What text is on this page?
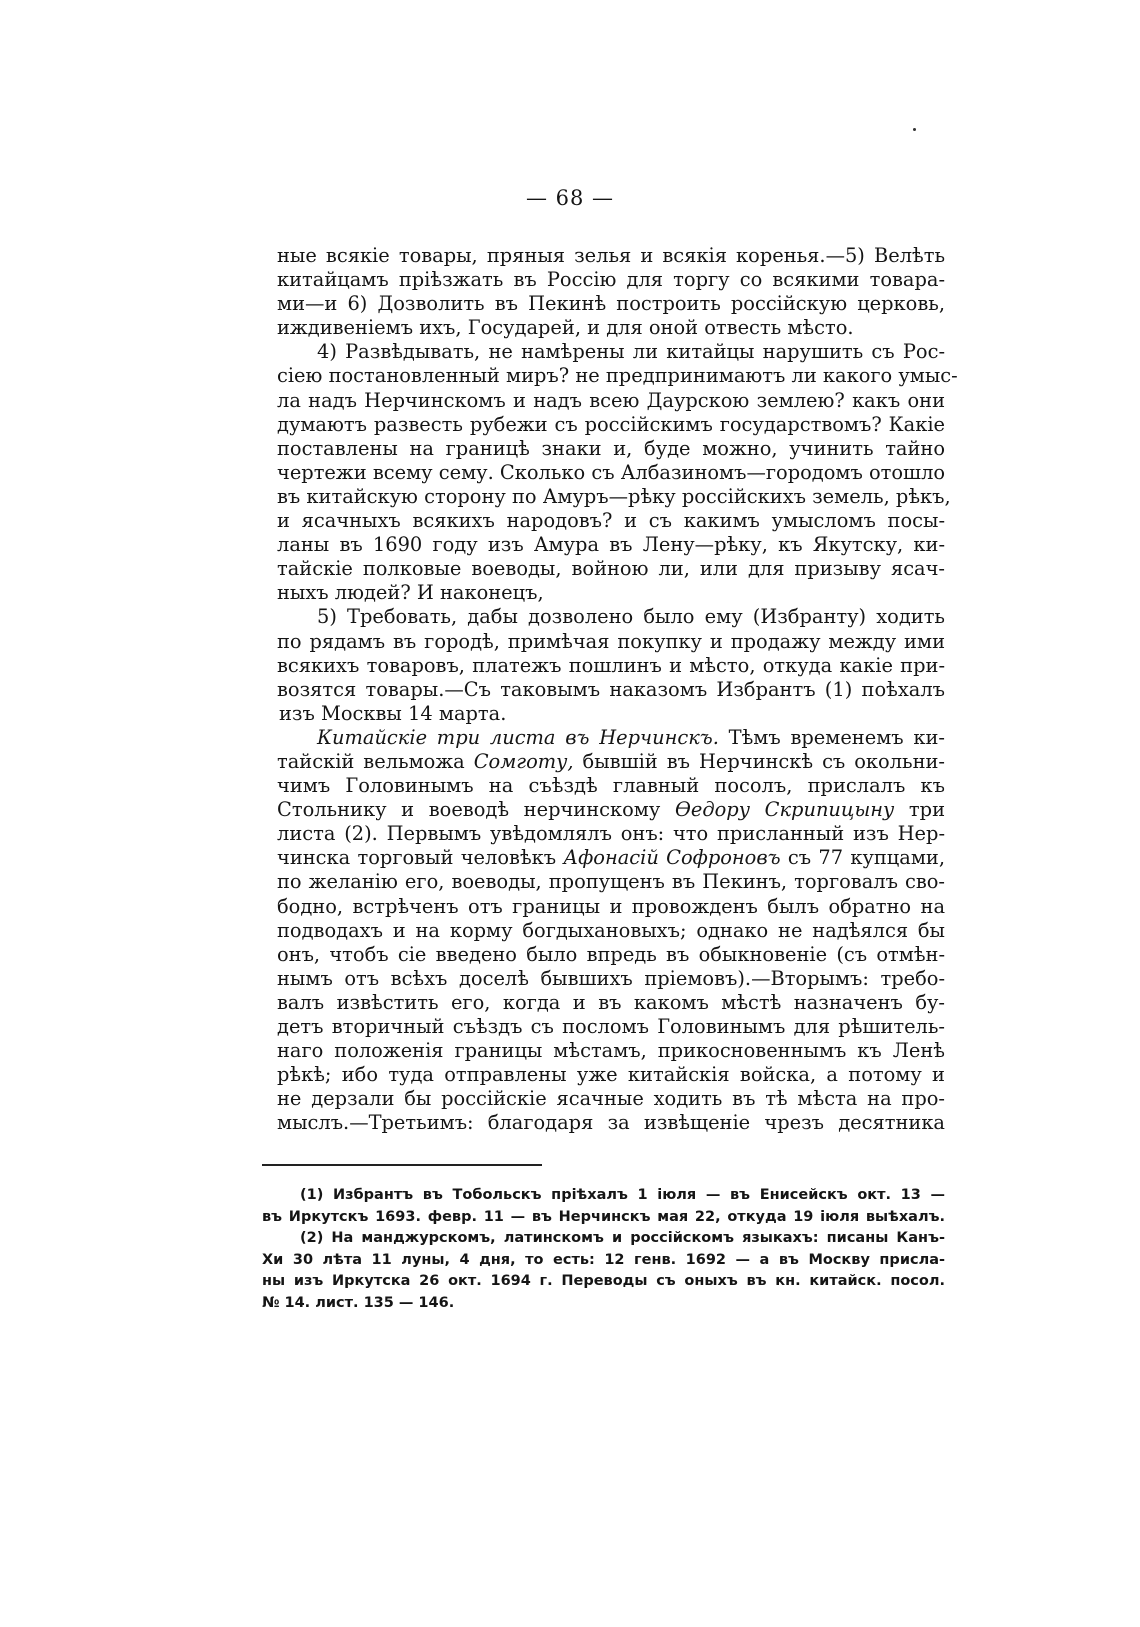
— 68 —
ные всякіе товары, пряныя зелья и всякія коренья.—5) Велѣть
китайцамъ пріѣзжать въ Россію для торгу со всякими товара-
ми—и 6) Дозволить въ Пекинѣ построить россійскую церковь,
иждивеніемъ ихъ, Государей, и для оной отвесть мѣсто.
4) Развѣдывать, не намѣрены ли китайцы нарушить съ Рос-
сіею постановленный миръ? не предпринимаютъ ли какого умыс-
ла надъ Нерчинскомъ и надъ всею Даурскою землею? какъ они
думаютъ развесть рубежи съ россійскимъ государствомъ? Какіе
поставлены на границѣ знаки и, буде можно, учинить тайно
чертежи всему сему. Сколько съ Албазиномъ—городомъ отошло
въ китайскую сторону по Амуръ—рѣку россійскихъ земель, рѣкъ,
и ясачныхъ всякихъ народовъ? и съ какимъ умысломъ посы-
ланы въ 1690 году изъ Амура въ Лену—рѣку, къ Якутску, ки-
тайскіе полковые воеводы, войною ли, или для призыву ясач-
ныхъ людей? И наконецъ,
5) Требовать, дабы дозволено было ему (Избранту) ходить
по рядамъ въ городѣ, примѣчая покупку и продажу между ими
всякихъ товаровъ, платежъ пошлинъ и мѣсто, откуда какіе при-
возятся товары.—Съ таковымъ наказомъ Избрантъ (1) поѣхалъ
изъ Москвы 14 марта.
Китайскіе три листа въ Нерчинскъ. Тѣмъ временемъ ки-
тайскій вельможа Сомготу, бывшій въ Нерчинскѣ съ окольни-
чимъ Головинымъ на съѣздѣ главный посолъ, прислалъ къ
Стольнику и воеводѣ нерчинскому Ѳедору Скрипицыну три
листа (2). Первымъ увѣдомлялъ онъ: что присланный изъ Нер-
чинска торговый человѣкъ Афонасій Софроновъ съ 77 купцами,
по желанію его, воеводы, пропущенъ въ Пекинъ, торговалъ сво-
бодно, встрѣченъ отъ границы и провожденъ былъ обратно на
подводахъ и на корму богдыхановыхъ; однако не надѣялся бы
онъ, чтобъ сіе введено было впредь въ обыкновеніе (съ отмѣн-
нымъ отъ всѣхъ доселѣ бывшихъ пріемовъ).—Вторымъ: требо-
валъ извѣстить его, когда и въ какомъ мѣстѣ назначенъ бу-
детъ вторичный съѣздъ съ посломъ Головинымъ для рѣшитель-
наго положенія границы мѣстамъ, прикосновеннымъ къ Ленѣ
рѣкѣ; ибо туда отправлены уже китайскія войска, а потому и
не дерзали бы россійскіе ясачные ходить въ тѣ мѣста на про-
мыслъ.—Третьимъ: благодаря за извѣщеніе чрезъ десятника
(1) Избрантъ въ Тобольскъ пріѣхалъ 1 іюля — въ Енисейскъ окт. 13 —
въ Иркутскъ 1693. февр. 11 — въ Нерчинскъ мая 22, откуда 19 іюля выѣхалъ.
(2) На манджурскомъ, латинскомъ и россійскомъ языкахъ: писаны Канъ-
Хи 30 лѣта 11 луны, 4 дня, то есть: 12 генв. 1692 — а въ Москву присла-
ны изъ Иркутска 26 окт. 1694 г. Переводы съ оныхъ въ кн. китайск. посол.
№ 14. лист. 135 — 146.
